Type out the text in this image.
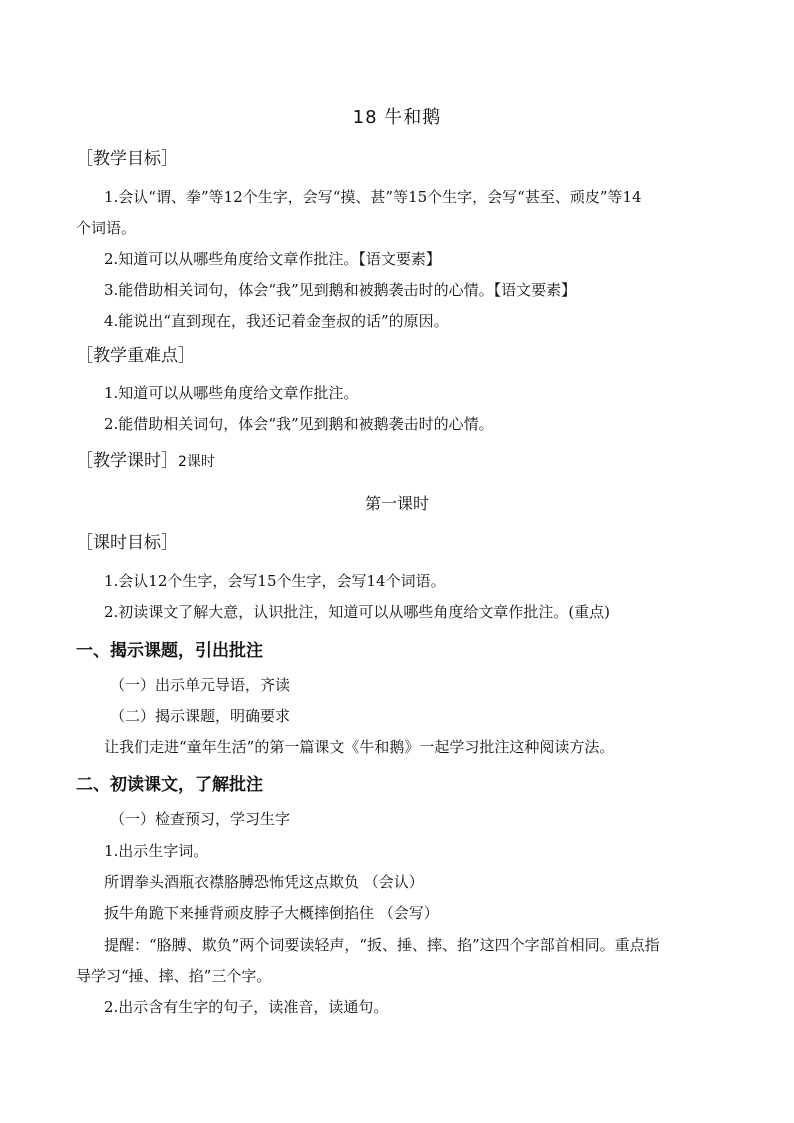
18 牛和鹅
［教学目标］
1.会认“谓、拳”等12个生字，会写“摸、甚”等15个生字，会写“甚至、顽皮”等14
个词语。
2.知道可以从哪些角度给文章作批注。【语文要素】
3.能借助相关词句，体会“我”见到鹅和被鹅袭击时的心情。【语文要素】
4.能说出“直到现在，我还记着金奎叔的话”的原因。
［教学重难点］
1.知道可以从哪些角度给文章作批注。
2.能借助相关词句，体会“我”见到鹅和被鹅袭击时的心情。
［教学课时］2课时
第一课时
［课时目标］
1.会认12个生字，会写15个生字，会写14个词语。
2.初读课文了解大意，认识批注，知道可以从哪些角度给文章作批注。(重点)
一、揭示课题，引出批注
（一）出示单元导语，齐读
（二）揭示课题，明确要求
让我们走进“童年生活”的第一篇课文《牛和鹅》一起学习批注这种阅读方法。
二、初读课文，了解批注
（一）检查预习，学习生字
1.出示生字词。
所谓拳头酒瓶衣襟胳膊恐怖凭这点欺负 （会认）
扳牛角跪下来捶背顽皮脖子大概摔倒掐住 （会写）
提醒：“胳膊、欺负”两个词要读轻声，“扳、捶、摔、掐”这四个字部首相同。重点指
导学习“捶、摔、掐”三个字。
2.出示含有生字的句子，读准音，读通句。
